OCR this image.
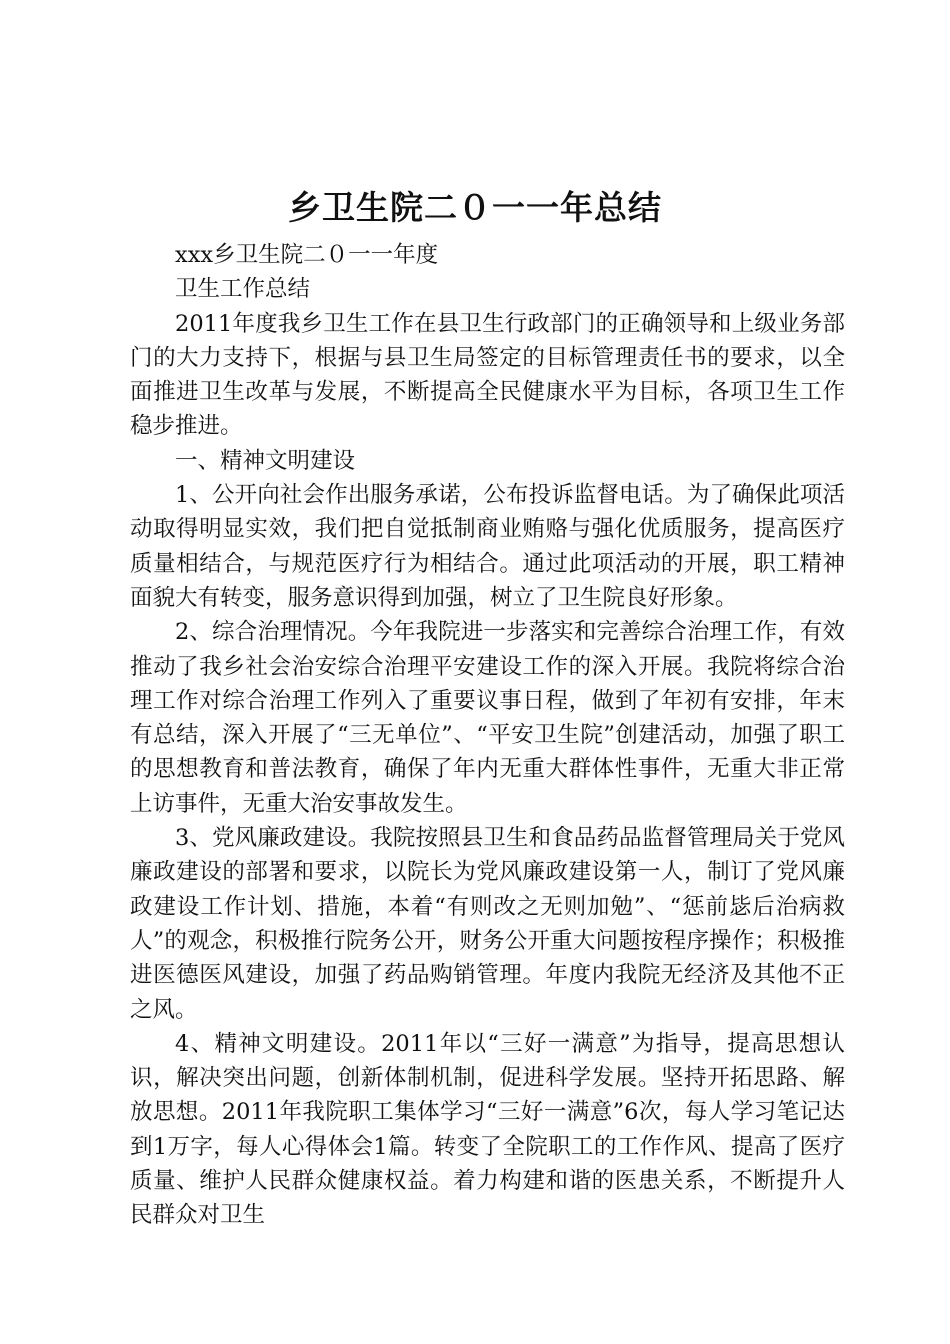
乡卫生院二０一一年总结

xxx乡卫生院二０一一年度

卫生工作总结

2011年度我乡卫生工作在县卫生行政部门的正确领导和上级业务部门的大力支持下，根据与县卫生局签定的目标管理责任书的要求，以全面推进卫生改革与发展，不断提高全民健康水平为目标，各项卫生工作稳步推进。

一、精神文明建设

1、公开向社会作出服务承诺，公布投诉监督电话。为了确保此项活动取得明显实效，我们把自觉抵制商业贿赂与强化优质服务，提高医疗质量相结合，与规范医疗行为相结合。通过此项活动的开展，职工精神面貌大有转变，服务意识得到加强，树立了卫生院良好形象。

2、综合治理情况。今年我院进一步落实和完善综合治理工作，有效推动了我乡社会治安综合治理平安建设工作的深入开展。我院将综合治理工作对综合治理工作列入了重要议事日程，做到了年初有安排，年末有总结，深入开展了“三无单位”、“平安卫生院”创建活动，加强了职工的思想教育和普法教育，确保了年内无重大群体性事件，无重大非正常上访事件，无重大治安事故发生。

3、党风廉政建设。我院按照县卫生和食品药品监督管理局关于党风廉政建设的部署和要求，以院长为党风廉政建设第一人，制订了党风廉政建设工作计划、措施，本着“有则改之无则加勉”、“惩前毖后治病救人”的观念，积极推行院务公开，财务公开重大问题按程序操作；积极推进医德医风建设，加强了药品购销管理。年度内我院无经济及其他不正之风。

4、精神文明建设。2011年以“三好一满意”为指导，提高思想认识，解决突出问题，创新体制机制，促进科学发展。坚持开拓思路、解放思想。2011年我院职工集体学习“三好一满意”6次，每人学习笔记达到1万字，每人心得体会1篇。转变了全院职工的工作作风、提高了医疗质量、维护人民群众健康权益。着力构建和谐的医患关系，不断提升人民群众对卫生
